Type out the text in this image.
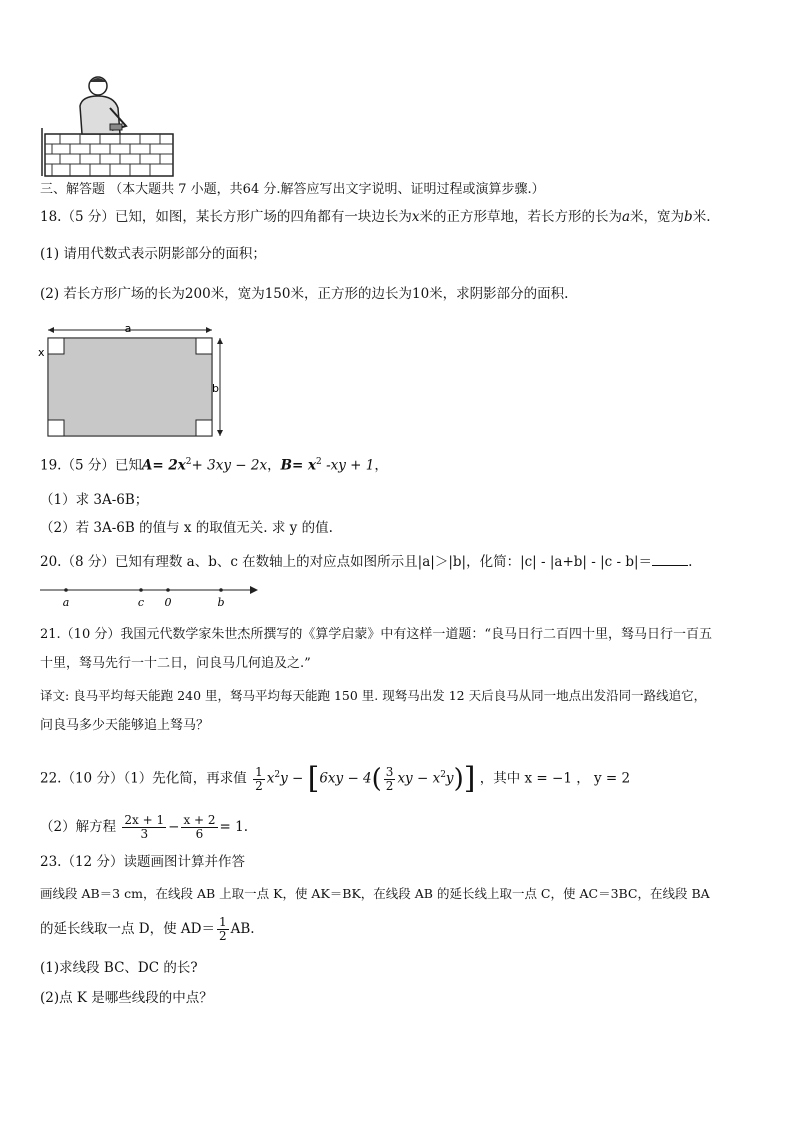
三、解答题 （本大题共 7 小题，共64 分.解答应写出文字说明、证明过程或演算步骤.）
18.（5 分）已知，如图，某长方形广场的四角都有一块边长为x米的正方形草地，若长方形的长为a米，宽为b米.
(1) 请用代数式表示阴影部分的面积；
(2) 若长方形广场的长为200米，宽为150米，正方形的边长为10米，求阴影部分的面积.
a
b
x
19.（5 分）已知$A= 2x^2+ 3xy - 2x$，$B= x^2$ -xy + 1，
（1）求 3A-6B；
（2）若 3A-6B 的值与 x 的取值无关. 求 y 的值.
20.（8 分）已知有理数 a、b、c 在数轴上的对应点如图所示且|a|＞|b|，化简：|c| - |a+b| - |c - b|＝	.
a	c 0	b
21.（10 分）我国元代数学家朱世杰所撰写的《算学启蒙》中有这样一道题：“良马日行二百四十里，驽马日行一百五
十里，驽马先行一十二日，问良马几何追及之.”
译文: 良马平均每天能跑 240 里，驽马平均每天能跑 150 里. 现驽马出发 12 天后良马从同一地点出发沿同一路线追它，
问良马多少天能够追上驽马？
22.（10 分）（1）先化简，再求值 $\frac{1}{2} x^2y - [6xy - 4( \frac{3}{2}$ xy − $x^2y$)] ，其中 x = −1 ， y = 2
（2）解方程 $\frac{2x + 1}{3} - \frac{x + 2}{6} = 1$.
23.（12 分）读题画图计算并作答
画线段 AB＝3 cm，在线段 AB 上取一点 K，使 AK＝BK，在线段 AB 的延长线上取一点 C，使 AC＝3BC，在线段 BA
的延长线取一点 D，使 $AD= \frac{1}{2}$ AB.
(1)求线段 BC、DC 的长?
(2)点 K 是哪些线段的中点？
